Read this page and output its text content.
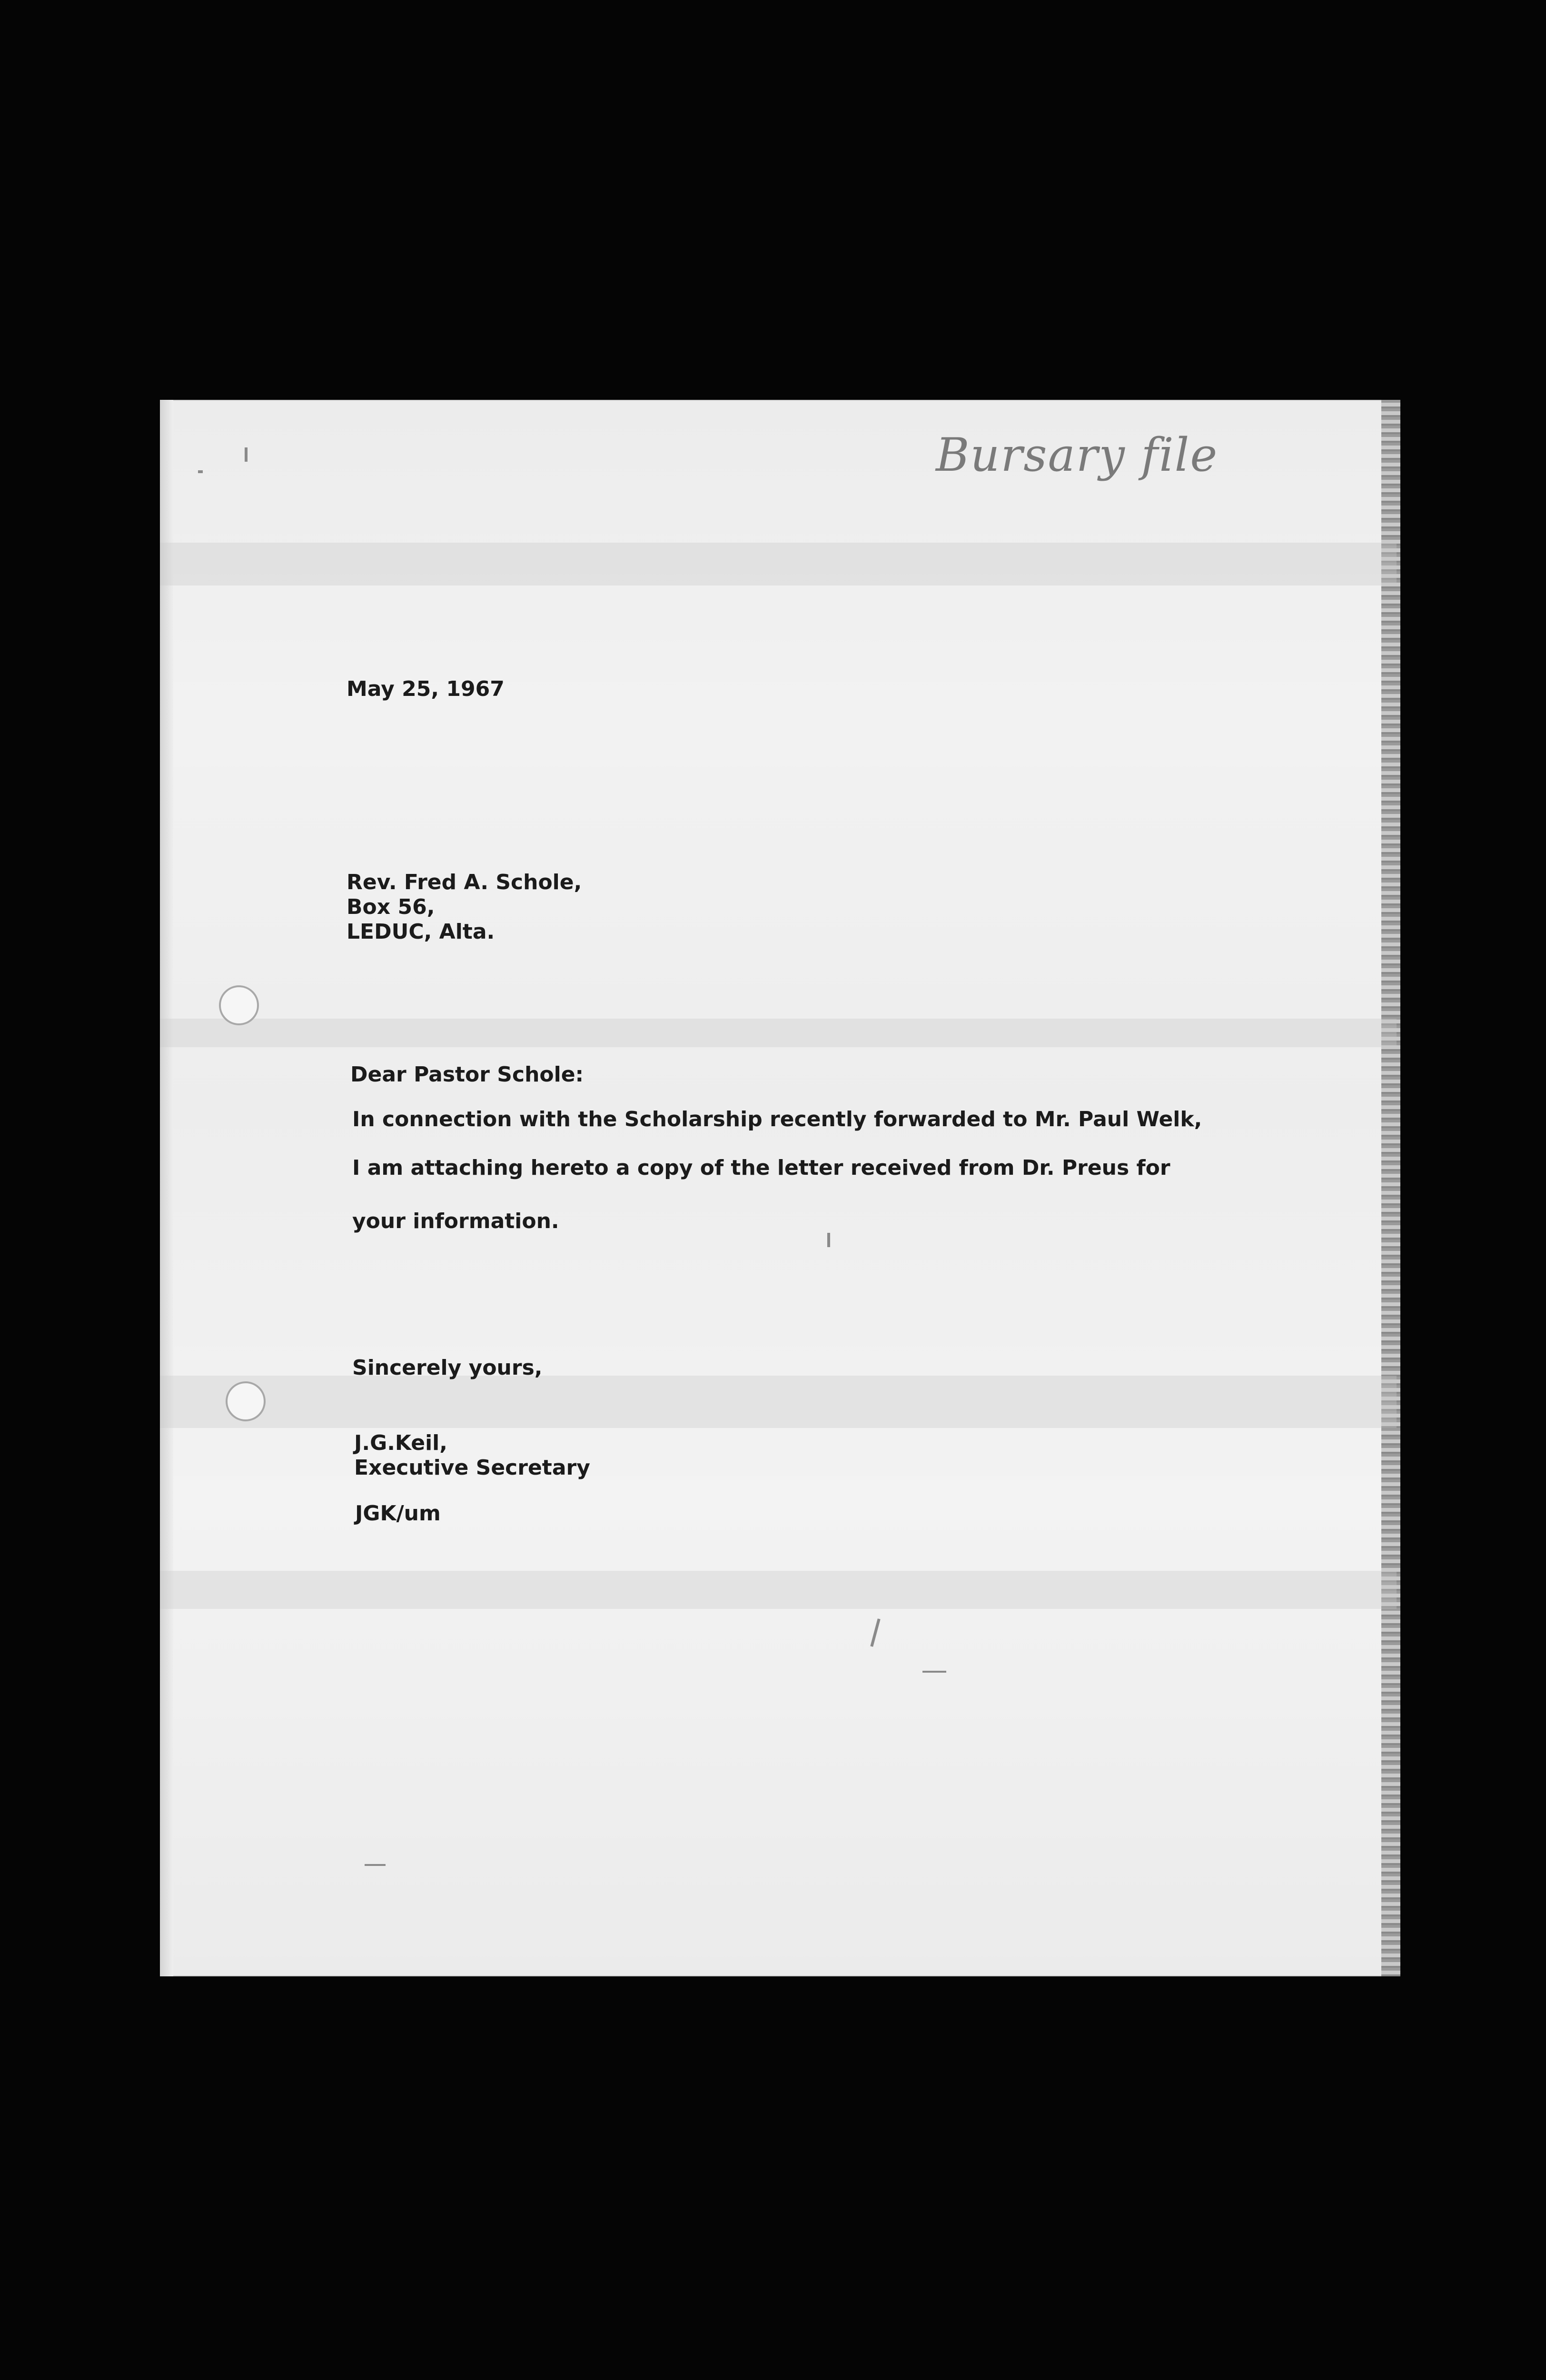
Bursary file
May 25, 1967
Rev. Fred A. Schole,
Box 56,
LEDUC, Alta.
Dear Pastor Schole:
In connection with the Scholarship recently forwarded to Mr. Paul Welk,
I am attaching hereto a copy of the letter received from Dr. Preus for
your information.
Sincerely yours,
J.G.Keil,
Executive Secretary
JGK/um
